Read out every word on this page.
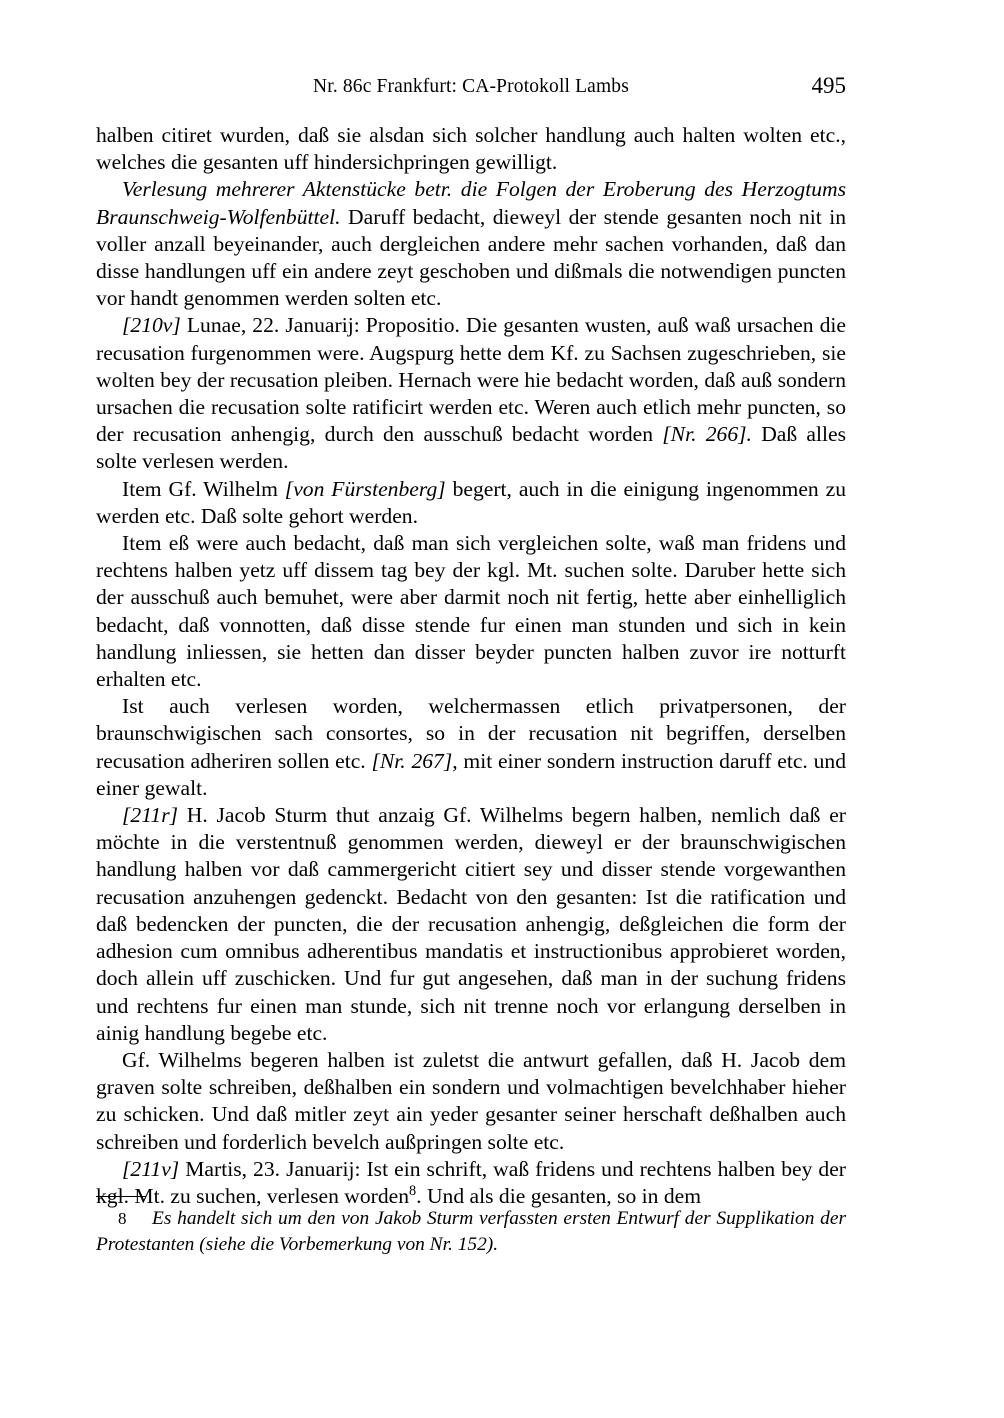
Nr. 86c Frankfurt: CA-Protokoll Lambs	495

halben citiret wurden, daß sie alsdan sich solcher handlung auch halten wolten etc., welches die gesanten uff hindersichpringen gewilligt.

Verlesung mehrerer Aktenstücke betr. die Folgen der Eroberung des Herzogtums Braunschweig-Wolfenbüttel. Daruff bedacht, dieweyl der stende gesanten noch nit in voller anzall beyeinander, auch dergleichen andere mehr sachen vorhanden, daß dan disse handlungen uff ein andere zeyt geschoben und dißmals die notwendigen puncten vor handt genommen werden solten etc.

[210v] Lunae, 22. Januarij: Propositio. Die gesanten wusten, auß waß ursachen die recusation furgenommen were. Augspurg hette dem Kf. zu Sachsen zugeschrieben, sie wolten bey der recusation pleiben. Hernach were hie bedacht worden, daß auß sondern ursachen die recusation solte ratificirt werden etc. Weren auch etlich mehr puncten, so der recusation anhengig, durch den ausschuß bedacht worden [Nr. 266]. Daß alles solte verlesen werden.

Item Gf. Wilhelm [von Fürstenberg] begert, auch in die einigung ingenommen zu werden etc. Daß solte gehort werden.

Item eß were auch bedacht, daß man sich vergleichen solte, waß man fridens und rechtens halben yetz uff dissem tag bey der kgl. Mt. suchen solte. Daruber hette sich der ausschuß auch bemuhet, were aber darmit noch nit fertig, hette aber einhelliglich bedacht, daß vonnotten, daß disse stende fur einen man stunden und sich in kein handlung inliessen, sie hetten dan disser beyder puncten halben zuvor ire notturft erhalten etc.

Ist auch verlesen worden, welchermassen etlich privatpersonen, der braunschwigischen sach consortes, so in der recusation nit begriffen, derselben recusation adheriren sollen etc. [Nr. 267], mit einer sondern instruction daruff etc. und einer gewalt.

[211r] H. Jacob Sturm thut anzaig Gf. Wilhelms begern halben, nemlich daß er möchte in die verstentnuß genommen werden, dieweyl er der braunschwigischen handlung halben vor daß cammergericht citiert sey und disser stende vorgewanthen recusation anzuhengen gedenckt. Bedacht von den gesanten: Ist die ratification und daß bedencken der puncten, die der recusation anhengig, deßgleichen die form der adhesion cum omnibus adherentibus mandatis et instructionibus approbieret worden, doch allein uff zuschicken. Und fur gut angesehen, daß man in der suchung fridens und rechtens fur einen man stunde, sich nit trenne noch vor erlangung derselben in ainig handlung begebe etc.

Gf. Wilhelms begeren halben ist zuletst die antwurt gefallen, daß H. Jacob dem graven solte schreiben, deßhalben ein sondern und volmachtigen bevelchhaber hieher zu schicken. Und daß mitler zeyt ain yeder gesanter seiner herschaft deßhalben auch schreiben und forderlich bevelch außpringen solte etc.

[211v] Martis, 23. Januarij: Ist ein schrift, waß fridens und rechtens halben bey der kgl. Mt. zu suchen, verlesen worden$^8$. Und als die gesanten, so in dem

8 Es handelt sich um den von Jakob Sturm verfassten ersten Entwurf der Supplikation der Protestanten (siehe die Vorbemerkung von Nr. 152).
